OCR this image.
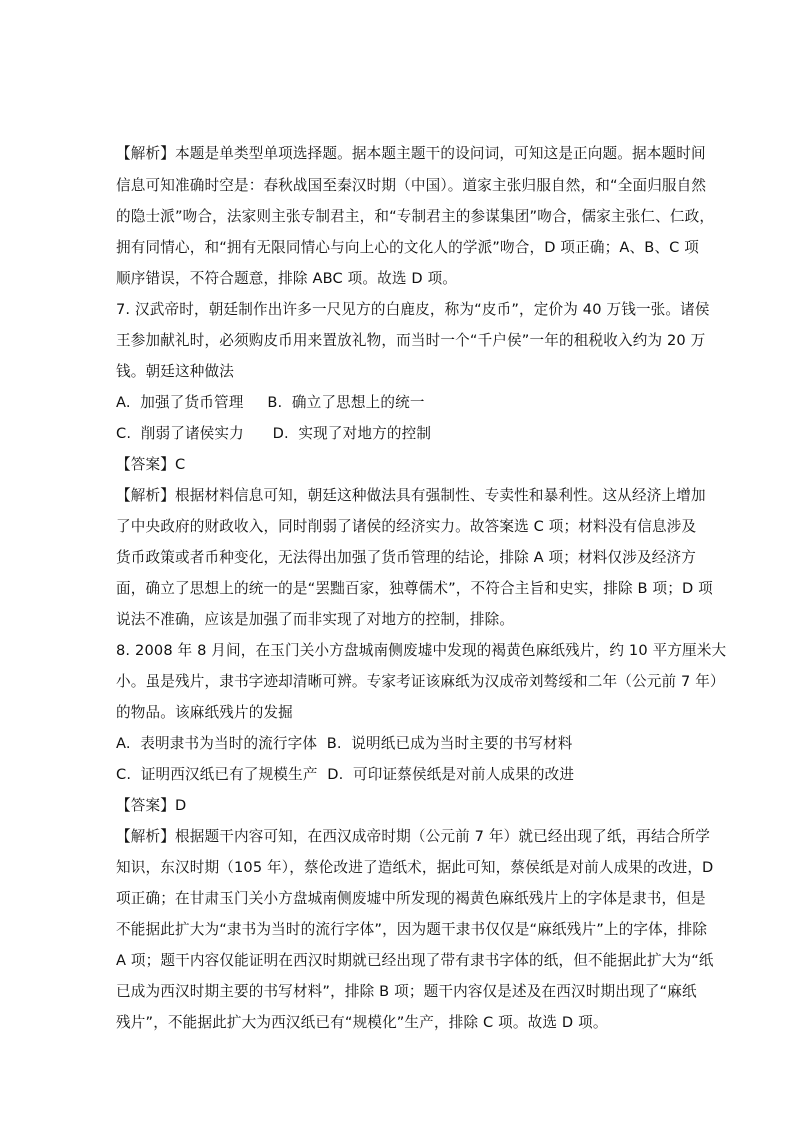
【解析】本题是单类型单项选择题。据本题主题干的设问词，可知这是正向题。据本题时间
信息可知准确时空是：春秋战国至秦汉时期（中国）。道家主张归服自然，和“全面归服自然
的隐士派”吻合，法家则主张专制君主，和“专制君主的参谋集团”吻合，儒家主张仁、仁政，
拥有同情心，和“拥有无限同情心与向上心的文化人的学派”吻合，D 项正确；A、B、C 项
顺序错误，不符合题意，排除 ABC 项。故选 D 项。
7. 汉武帝时，朝廷制作出许多一尺见方的白鹿皮，称为“皮币”，定价为 40 万钱一张。诸侯
王参加献礼时，必须购皮币用来置放礼物，而当时一个“千户侯”一年的租税收入约为 20 万
钱。朝廷这种做法
A.  加强了货币管理     B.  确立了思想上的统一
C.  削弱了诸侯实力      D.  实现了对地方的控制
【答案】C
【解析】根据材料信息可知，朝廷这种做法具有强制性、专卖性和暴利性。这从经济上增加
了中央政府的财政收入，同时削弱了诸侯的经济实力。故答案选 C 项；材料没有信息涉及
货币政策或者币种变化，无法得出加强了货币管理的结论，排除 A 项；材料仅涉及经济方
面，确立了思想上的统一的是“罢黜百家，独尊儒术”，不符合主旨和史实，排除 B 项；D 项
说法不准确，应该是加强了而非实现了对地方的控制，排除。
8. 2008 年 8 月间，在玉门关小方盘城南侧废墟中发现的褐黄色麻纸残片，约 10 平方厘米大
小。虽是残片，隶书字迹却清晰可辨。专家考证该麻纸为汉成帝刘骜绥和二年（公元前 7 年）
的物品。该麻纸残片的发掘
A.  表明隶书为当时的流行字体  B.  说明纸已成为当时主要的书写材料
C.  证明西汉纸已有了规模生产  D.  可印证蔡侯纸是对前人成果的改进
【答案】D
【解析】根据题干内容可知，在西汉成帝时期（公元前 7 年）就已经出现了纸，再结合所学
知识，东汉时期（105 年），蔡伦改进了造纸术，据此可知，蔡侯纸是对前人成果的改进，D
项正确；在甘肃玉门关小方盘城南侧废墟中所发现的褐黄色麻纸残片上的字体是隶书，但是
不能据此扩大为“隶书为当时的流行字体”，因为题干隶书仅仅是“麻纸残片”上的字体，排除
A 项；题干内容仅能证明在西汉时期就已经出现了带有隶书字体的纸，但不能据此扩大为“纸
已成为西汉时期主要的书写材料”，排除 B 项；题干内容仅是述及在西汉时期出现了“麻纸
残片”，不能据此扩大为西汉纸已有“规模化”生产，排除 C 项。故选 D 项。
